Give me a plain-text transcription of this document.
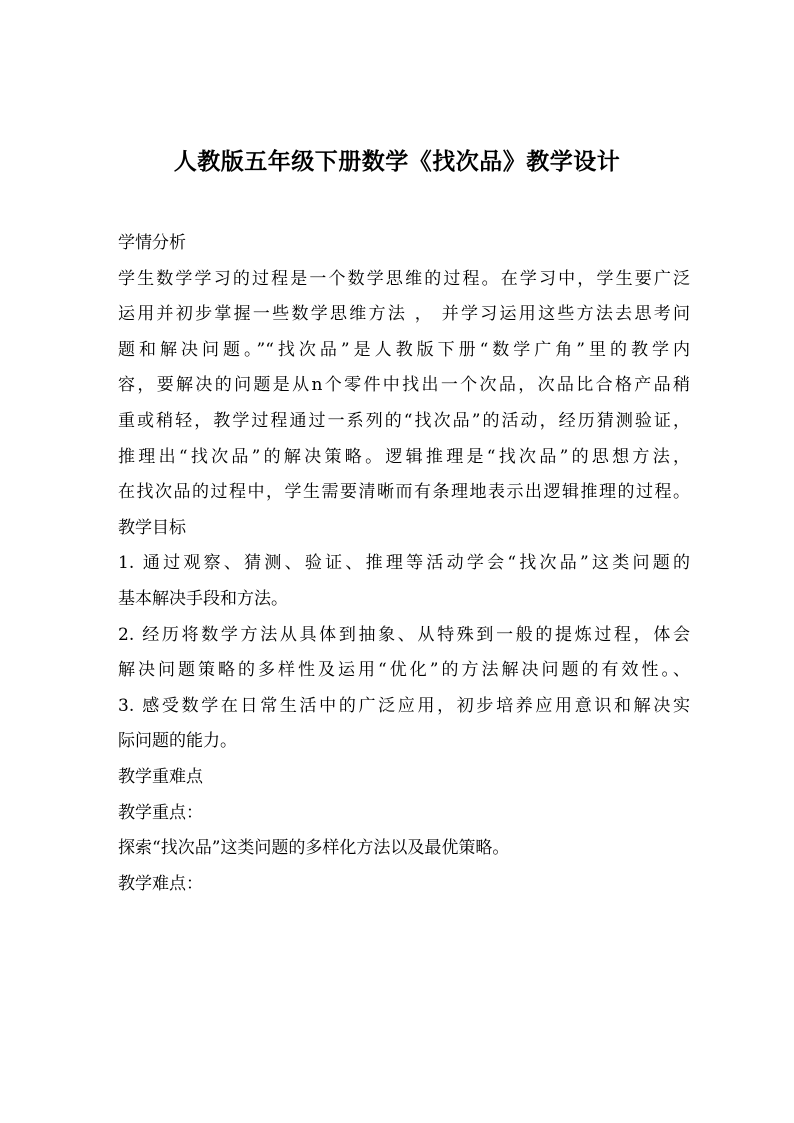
人教版五年级下册数学《找次品》教学设计
学情分析
学生数学学习的过程是一个数学思维的过程。在学习中，学生要广泛
运用并初步掌握一些数学思维方法 ， 并学习运用这些方法去思考问
题和解决问题。”“找次品”是人教版下册“数学广角”里的教学内
容，要解决的问题是从n个零件中找出一个次品，次品比合格产品稍
重或稍轻，教学过程通过一系列的“找次品”的活动，经历猜测验证，
推理出“找次品”的解决策略。逻辑推理是“找次品”的思想方法，
在找次品的过程中，学生需要清晰而有条理地表示出逻辑推理的过程。
教学目标
1. 通过观察、猜测、验证、推理等活动学会“找次品”这类问题的
基本解决手段和方法。
2. 经历将数学方法从具体到抽象、从特殊到一般的提炼过程，体会
解决问题策略的多样性及运用“优化”的方法解决问题的有效性。、
3. 感受数学在日常生活中的广泛应用，初步培养应用意识和解决实
际问题的能力。
教学重难点
教学重点：
探索“找次品”这类问题的多样化方法以及最优策略。
教学难点：
